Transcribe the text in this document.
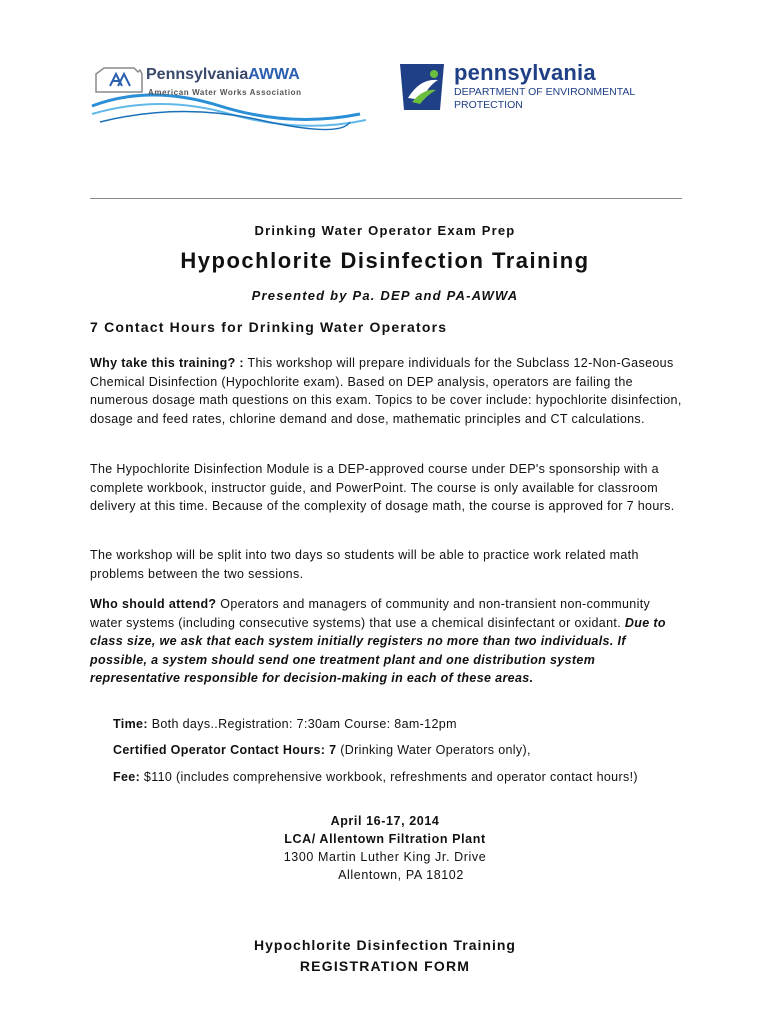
PennsylvaniaAWWA
American Water Works Association
pennsylvania
DEPARTMENT OF ENVIRONMENTAL PROTECTION
Drinking Water Operator Exam Prep
Hypochlorite Disinfection Training
Presented by Pa. DEP and PA-AWWA
7 Contact Hours for Drinking Water Operators
Why take this training? : This workshop will prepare individuals for the Subclass 12-Non-Gaseous Chemical Disinfection (Hypochlorite exam). Based on DEP analysis, operators are failing the numerous dosage math questions on this exam. Topics to be cover include: hypochlorite disinfection, dosage and feed rates, chlorine demand and dose, mathematic principles and CT calculations.
The Hypochlorite Disinfection Module is a DEP-approved course under DEP's sponsorship with a complete workbook, instructor guide, and PowerPoint. The course is only available for classroom delivery at this time. Because of the complexity of dosage math, the course is approved for 7 hours.
The workshop will be split into two days so students will be able to practice work related math problems between the two sessions.
Who should attend? Operators and managers of community and non-transient non-community water systems (including consecutive systems) that use a chemical disinfectant or oxidant. Due to class size, we ask that each system initially registers no more than two individuals. If possible, a system should send one treatment plant and one distribution system representative responsible for decision-making in each of these areas.
Time: Both days..Registration: 7:30am Course: 8am-12pm
Certified Operator Contact Hours: 7 (Drinking Water Operators only),
Fee: $110 (includes comprehensive workbook, refreshments and operator contact hours!)
April 16-17, 2014
LCA/ Allentown Filtration Plant
1300 Martin Luther King Jr. Drive
Allentown, PA 18102
Hypochlorite Disinfection Training
REGISTRATION FORM
